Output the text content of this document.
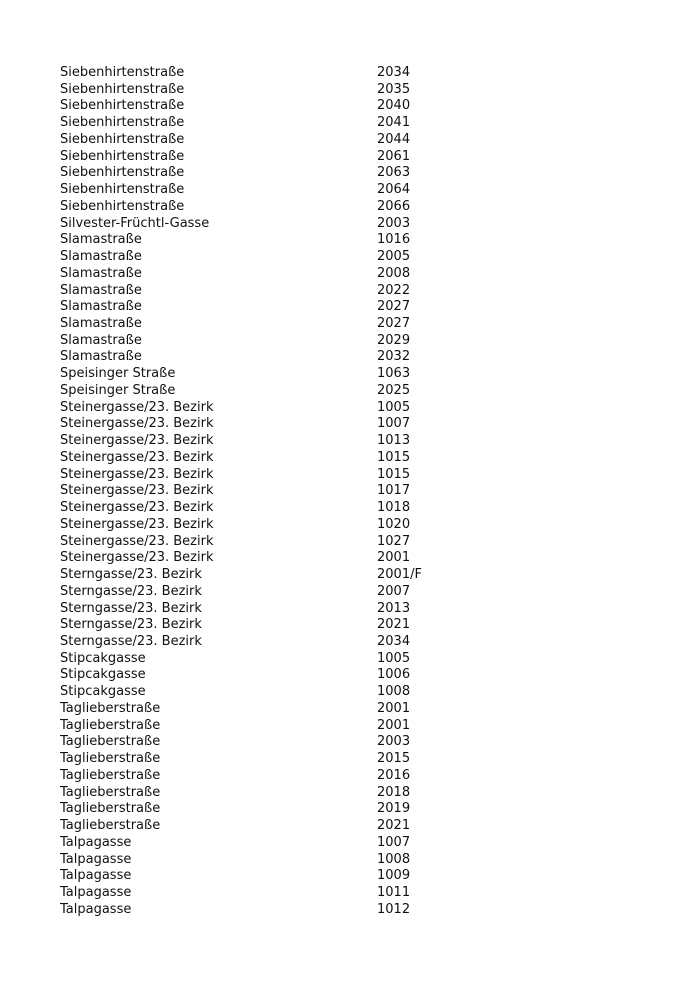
Siebenhirtenstraße	2034
Siebenhirtenstraße	2035
Siebenhirtenstraße	2040
Siebenhirtenstraße	2041
Siebenhirtenstraße	2044
Siebenhirtenstraße	2061
Siebenhirtenstraße	2063
Siebenhirtenstraße	2064
Siebenhirtenstraße	2066
Silvester-Früchtl-Gasse	2003
Slamastraße	1016
Slamastraße	2005
Slamastraße	2008
Slamastraße	2022
Slamastraße	2027
Slamastraße	2027
Slamastraße	2029
Slamastraße	2032
Speisinger Straße	1063
Speisinger Straße	2025
Steinergasse/23. Bezirk	1005
Steinergasse/23. Bezirk	1007
Steinergasse/23. Bezirk	1013
Steinergasse/23. Bezirk	1015
Steinergasse/23. Bezirk	1015
Steinergasse/23. Bezirk	1017
Steinergasse/23. Bezirk	1018
Steinergasse/23. Bezirk	1020
Steinergasse/23. Bezirk	1027
Steinergasse/23. Bezirk	2001
Sterngasse/23. Bezirk	2001/F
Sterngasse/23. Bezirk	2007
Sterngasse/23. Bezirk	2013
Sterngasse/23. Bezirk	2021
Sterngasse/23. Bezirk	2034
Stipcakgasse	1005
Stipcakgasse	1006
Stipcakgasse	1008
Taglieberstraße	2001
Taglieberstraße	2001
Taglieberstraße	2003
Taglieberstraße	2015
Taglieberstraße	2016
Taglieberstraße	2018
Taglieberstraße	2019
Taglieberstraße	2021
Talpagasse	1007
Talpagasse	1008
Talpagasse	1009
Talpagasse	1011
Talpagasse	1012
